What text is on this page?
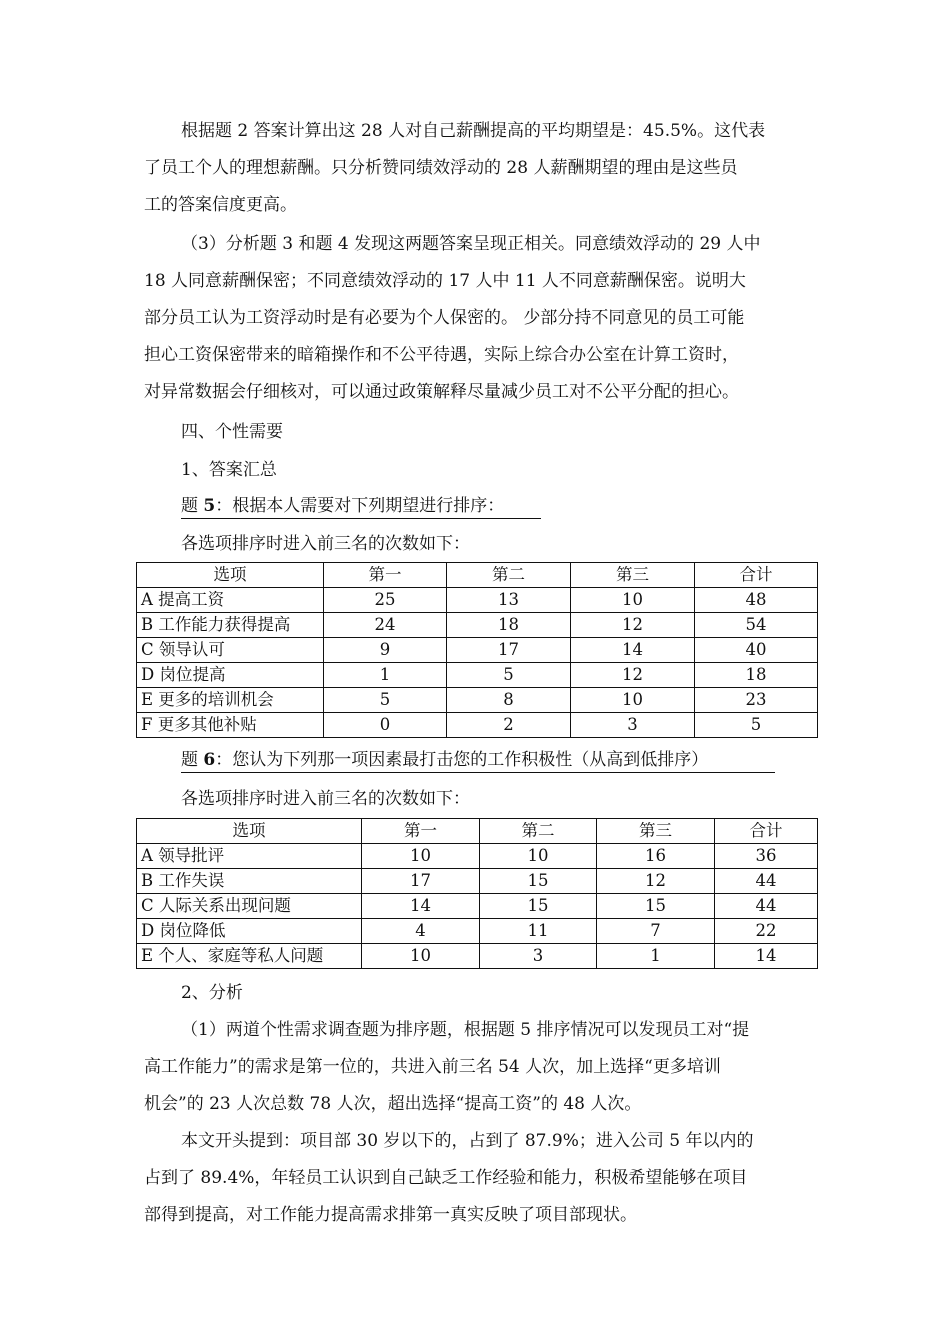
根据题 2 答案计算出这 28 人对自己薪酬提高的平均期望是：45.5%。这代表
了员工个人的理想薪酬。只分析赞同绩效浮动的 28 人薪酬期望的理由是这些员
工的答案信度更高。
（3）分析题 3 和题 4 发现这两题答案呈现正相关。同意绩效浮动的 29 人中
18 人同意薪酬保密；不同意绩效浮动的 17 人中 11 人不同意薪酬保密。说明大
部分员工认为工资浮动时是有必要为个人保密的。 少部分持不同意见的员工可能
担心工资保密带来的暗箱操作和不公平待遇，实际上综合办公室在计算工资时，
对异常数据会仔细核对，可以通过政策解释尽量减少员工对不公平分配的担心。
四、个性需要
1、答案汇总
题 5：根据本人需要对下列期望进行排序：
各选项排序时进入前三名的次数如下：
选项	第一	第二	第三	合计
A 提高工资	25	13	10	48
B 工作能力获得提高	24	18	12	54
C 领导认可	9	17	14	40
D 岗位提高	1	5	12	18
E 更多的培训机会	5	8	10	23
F 更多其他补贴	0	2	3	5
题 6：您认为下列那一项因素最打击您的工作积极性（从高到低排序）
各选项排序时进入前三名的次数如下：
选项	第一	第二	第三	合计
A 领导批评	10	10	16	36
B 工作失误	17	15	12	44
C 人际关系出现问题	14	15	15	44
D 岗位降低	4	11	7	22
E 个人、家庭等私人问题	10	3	1	14
2、分析
（1）两道个性需求调查题为排序题，根据题 5 排序情况可以发现员工对“提
高工作能力”的需求是第一位的，共进入前三名 54 人次，加上选择“更多培训
机会”的 23 人次总数 78 人次，超出选择“提高工资”的 48 人次。
本文开头提到：项目部 30 岁以下的，占到了 87.9%；进入公司 5 年以内的
占到了 89.4%，年轻员工认识到自己缺乏工作经验和能力，积极希望能够在项目
部得到提高，对工作能力提高需求排第一真实反映了项目部现状。
